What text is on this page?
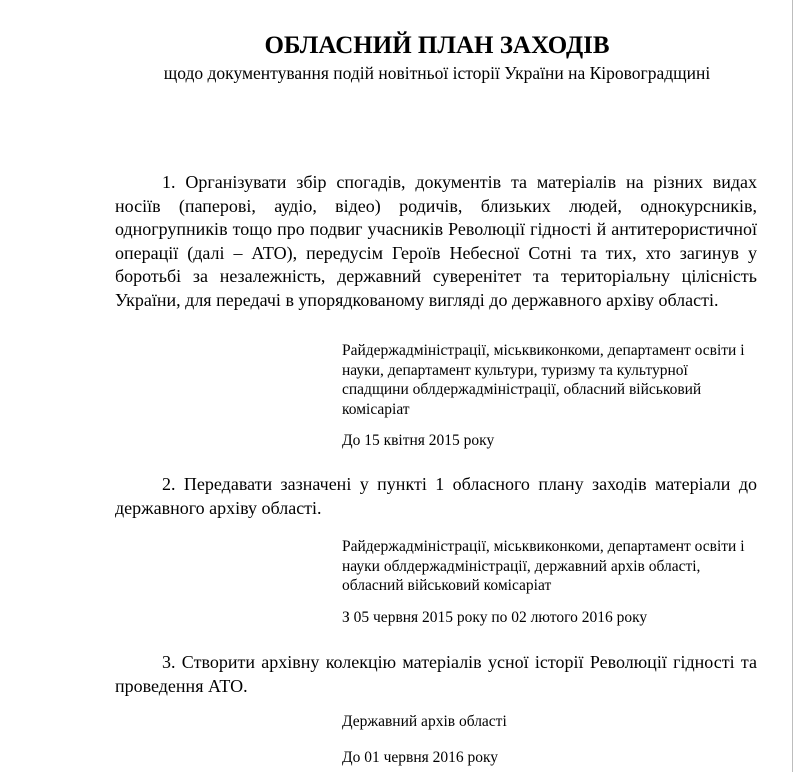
ОБЛАСНИЙ ПЛАН ЗАХОДІВ

щодо документування подій новітньої історії України на Кіровоградщині

1. Організувати збір спогадів, документів та матеріалів на різних видах носіїв (паперові, аудіо, відео) родичів, близьких людей, однокурсників, одногрупників тощо про подвиг учасників Революції гідності й антитерористичної операції (далі – АТО), передусім Героїв Небесної Сотні та тих, хто загинув у боротьбі за незалежність, державний суверенітет та територіальну цілісність України, для передачі в упорядкованому вигляді до державного архіву області.

Райдержадміністрації, міськвиконкоми, департамент освіти і науки, департамент культури, туризму та культурної спадщини облдержадміністрації, обласний військовий комісаріат

До 15 квітня 2015 року

2. Передавати зазначені у пункті 1 обласного плану заходів матеріали до державного архіву області.

Райдержадміністрації, міськвиконкоми, департамент освіти і науки облдержадміністрації, державний архів області, обласний військовий комісаріат

З 05 червня 2015 року по 02 лютого 2016 року

3. Створити архівну колекцію матеріалів усної історії Революції гідності та проведення АТО.

Державний архів області

До 01 червня 2016 року
